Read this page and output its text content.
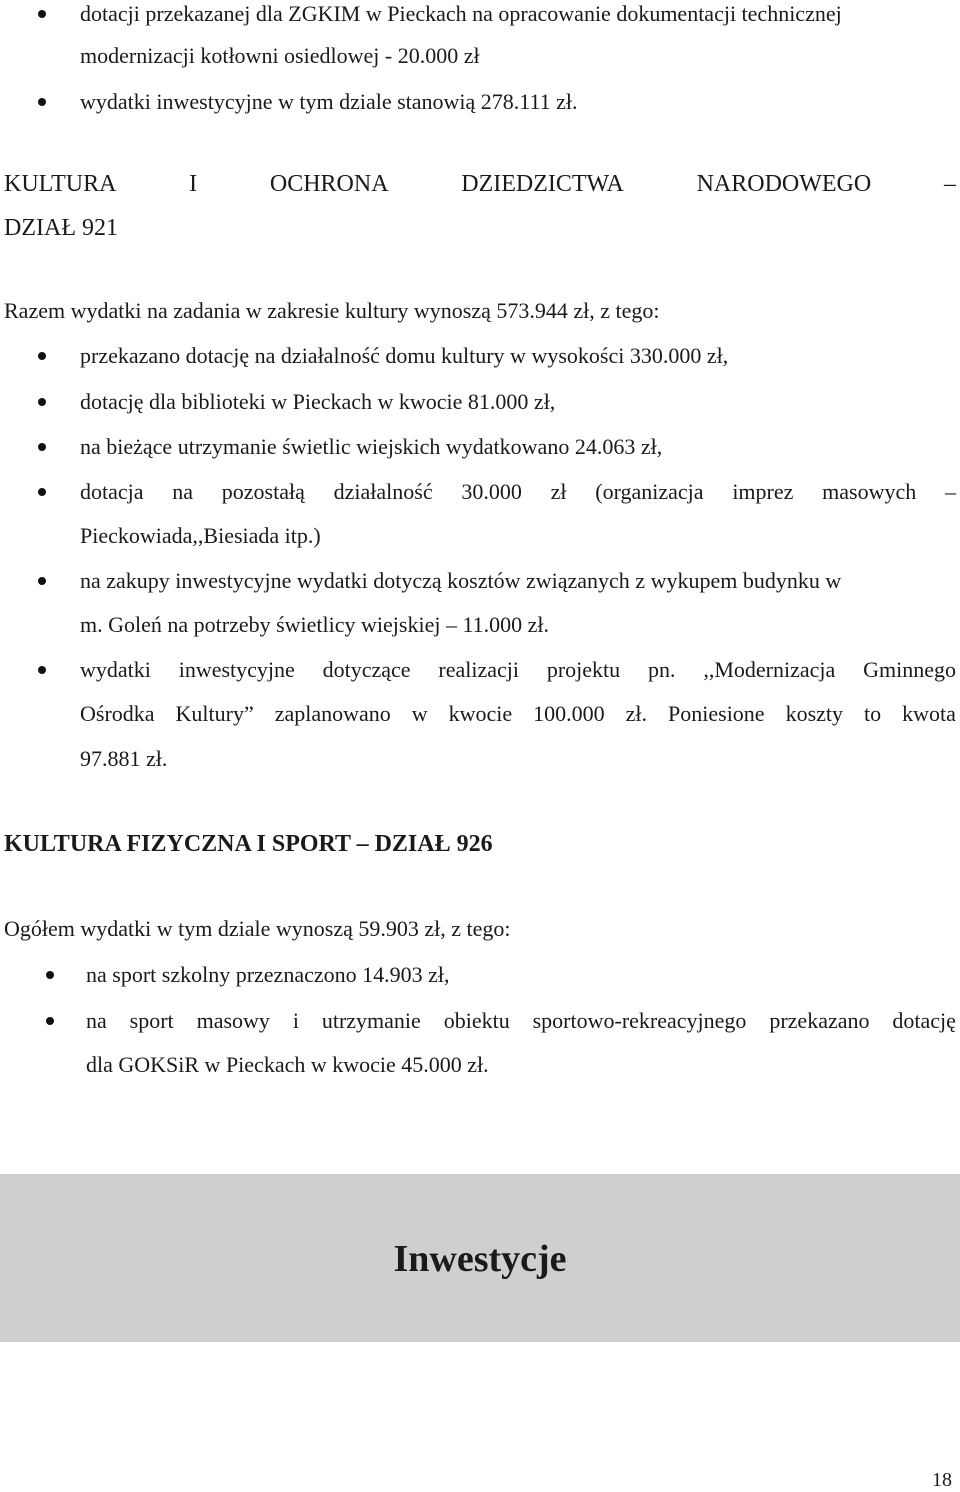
dotacji przekazanej dla ZGKIM w Pieckach na opracowanie dokumentacji technicznej
modernizacji kotłowni osiedlowej - 20.000 zł
wydatki inwestycyjne w tym dziale stanowią 278.111 zł.
KULTURA	I	OCHRONA	DZIEDZICTWA	NARODOWEGO	–
DZIAŁ 921
Razem wydatki na zadania w zakresie kultury wynoszą 573.944 zł, z tego:
przekazano dotację na działalność domu kultury w wysokości 330.000 zł,
dotację dla biblioteki w Pieckach w kwocie 81.000 zł,
na bieżące utrzymanie świetlic wiejskich wydatkowano 24.063 zł,
dotacja na pozostałą działalność 30.000 zł (organizacja imprez masowych –
Pieckowiada,,Biesiada itp.)
na zakupy inwestycyjne wydatki dotyczą kosztów związanych z wykupem budynku w
m. Goleń na potrzeby świetlicy wiejskiej – 11.000 zł.
wydatki inwestycyjne dotyczące realizacji projektu pn. ,,Modernizacja Gminnego
Ośrodka Kultury” zaplanowano w kwocie 100.000 zł. Poniesione koszty to kwota
97.881 zł.
KULTURA FIZYCZNA I SPORT – DZIAŁ 926
Ogółem wydatki w tym dziale wynoszą 59.903 zł, z tego:
na sport szkolny przeznaczono 14.903 zł,
na sport masowy i utrzymanie obiektu sportowo-rekreacyjnego przekazano dotację
dla GOKSiR w Pieckach w kwocie 45.000 zł.
Inwestycje
18
